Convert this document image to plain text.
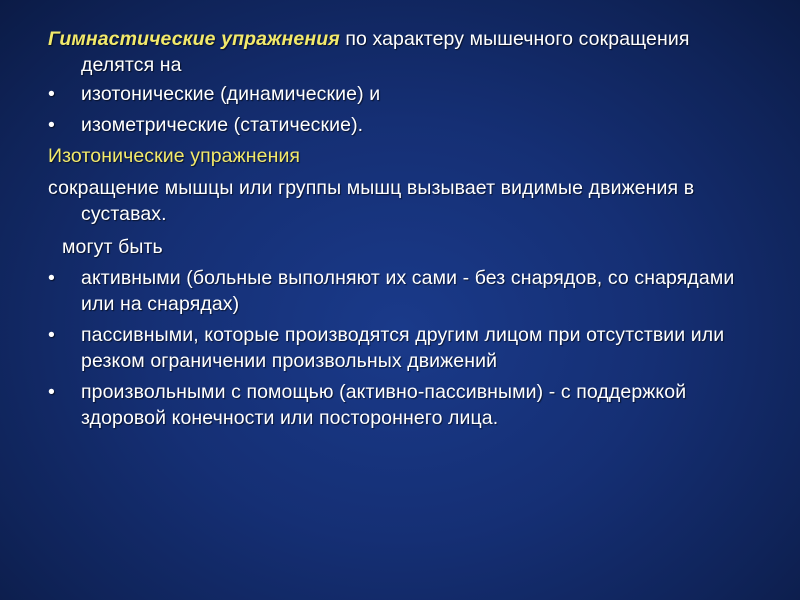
Гимнастические упражнения по характеру мышечного сокращения делятся на

•	изотонические (динамические) и
•	изометрические (статические).

Изотонические упражнения

сокращение мышцы или группы мышц вызывает видимые движения в суставах.

могут быть

•	активными (больные выполняют их сами - без снарядов, со снарядами или на снарядах)
•	пассивными, которые производятся другим лицом при отсутствии или резком ограничении произвольных движений
•	произвольными с помощью (активно-пассивными) - с поддержкой здоровой конечности или постороннего лица.
